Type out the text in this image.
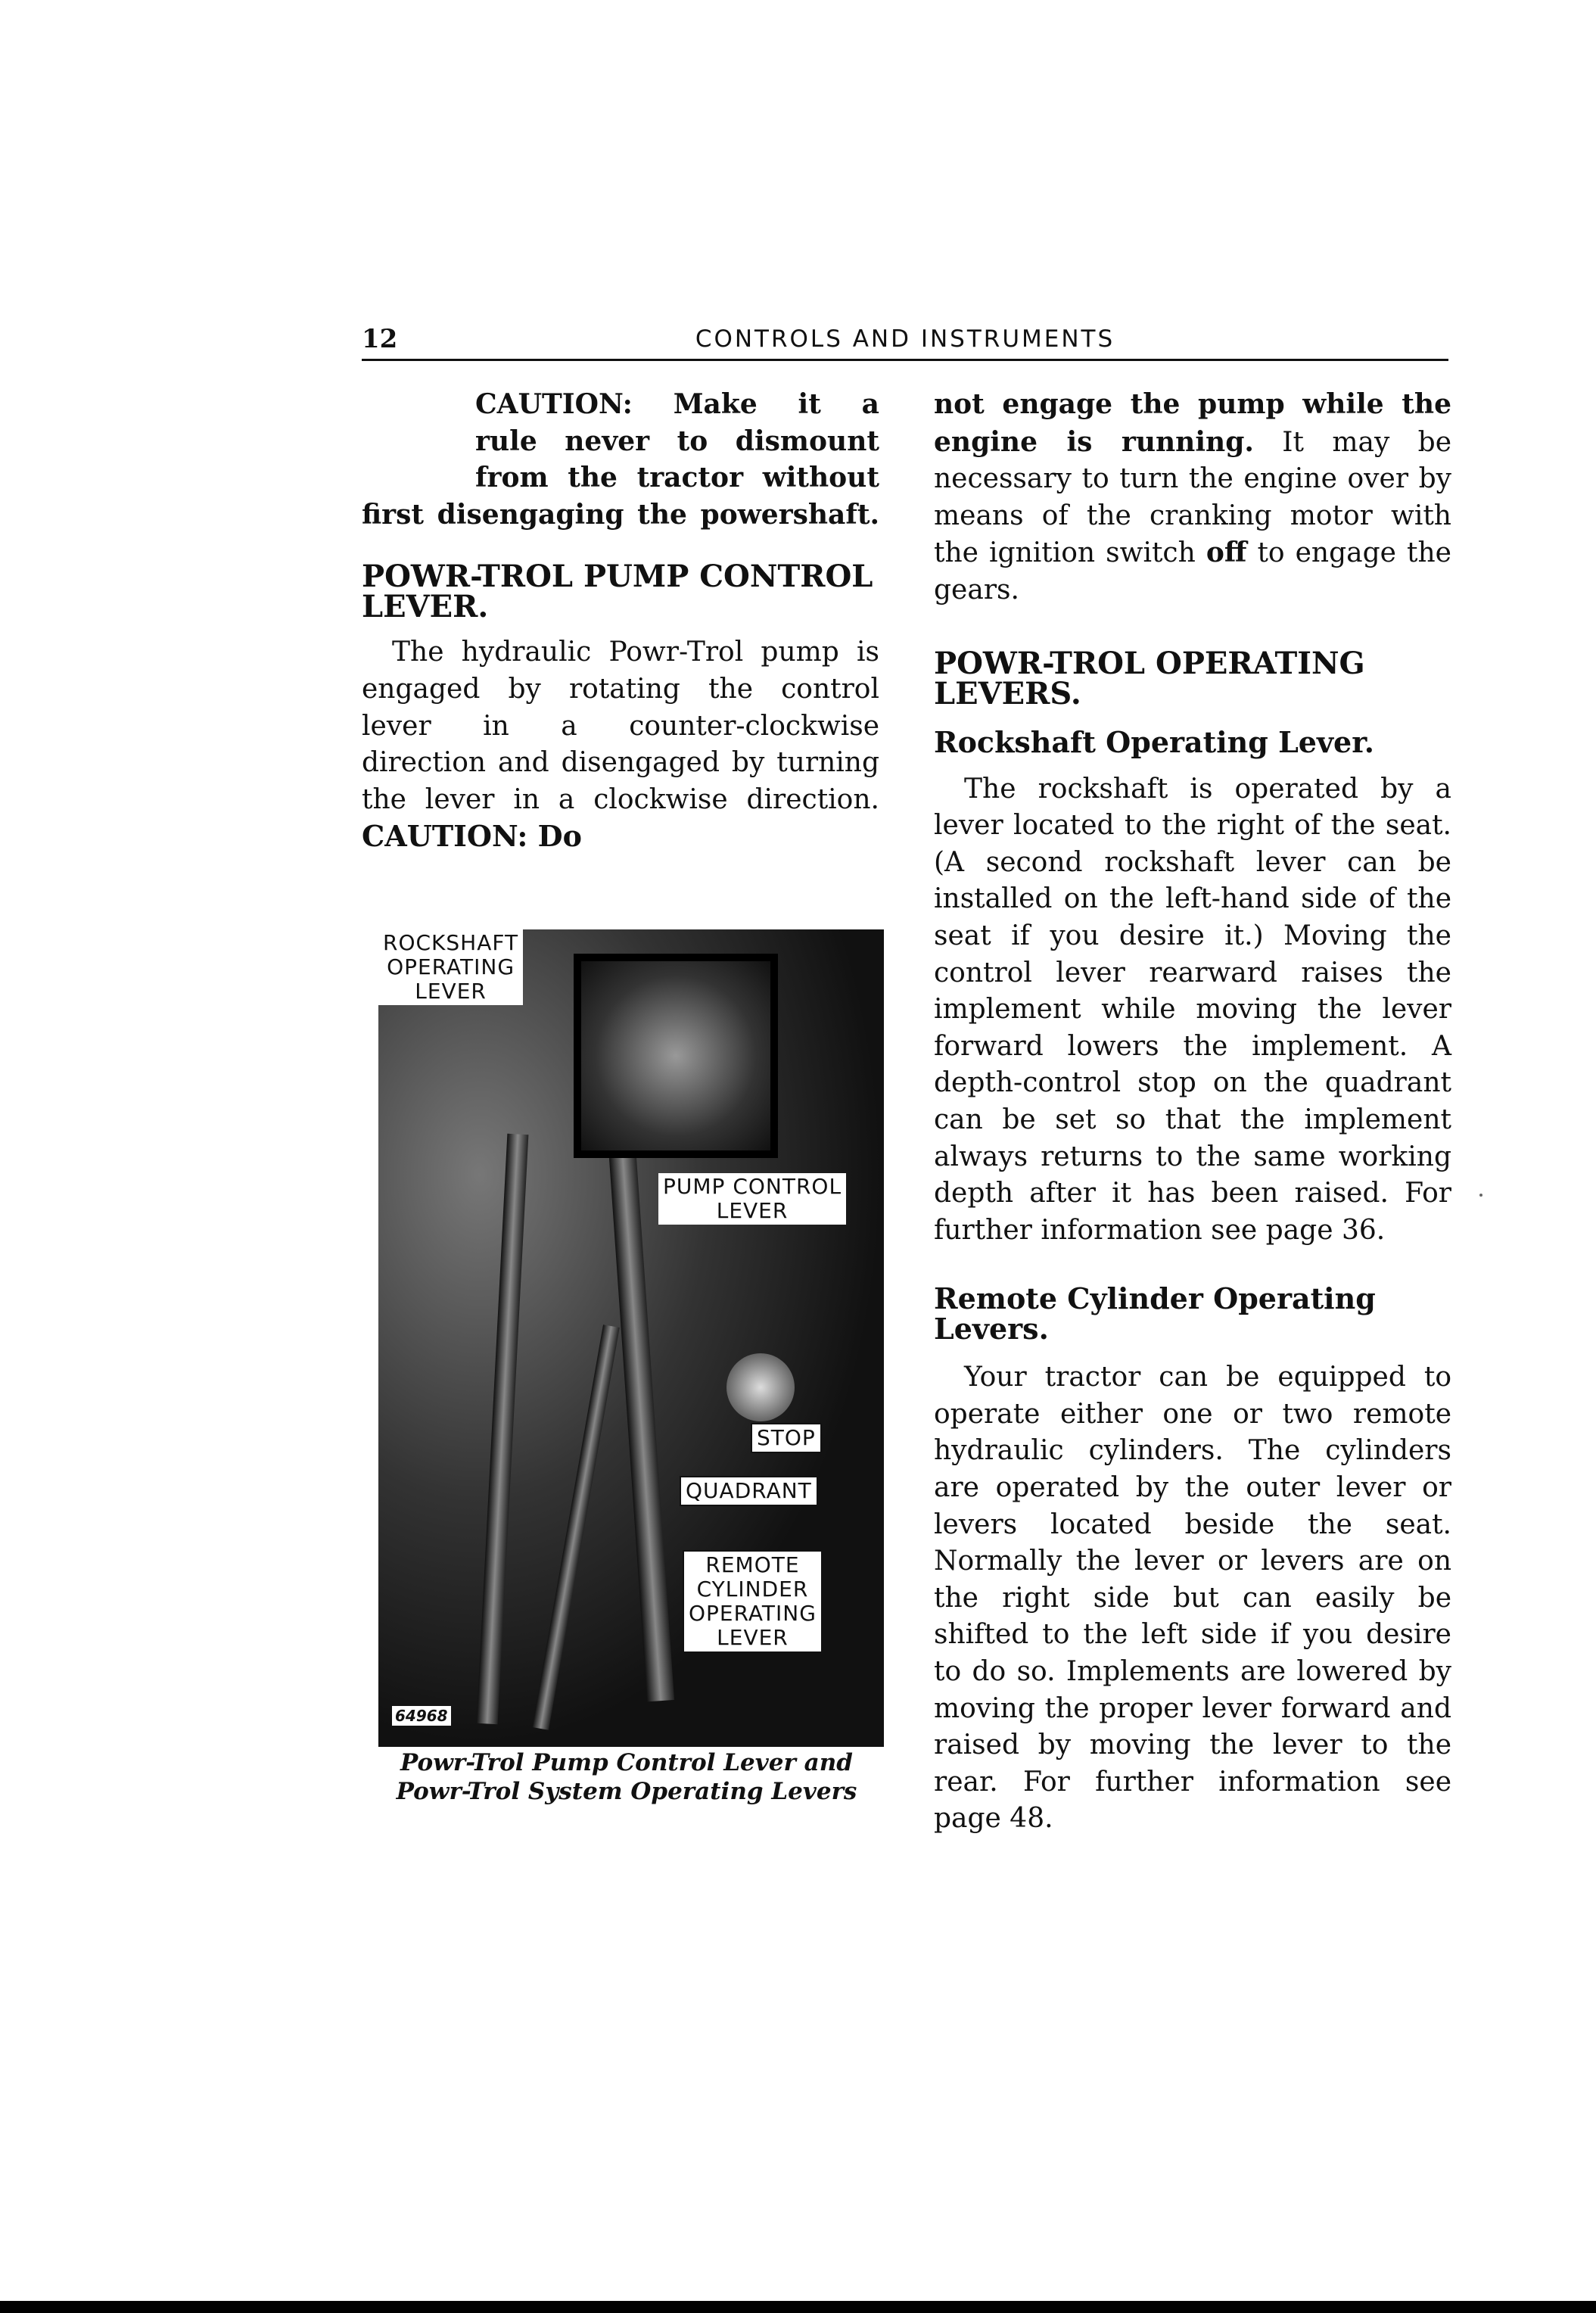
12	CONTROLS AND INSTRUMENTS

CAUTION: Make it a
rule never to dismount
from the tractor without
first disengaging the powershaft.

POWR-TROL PUMP CONTROL LEVER.

The hydraulic Powr-Trol pump is engaged by rotating the control lever in a counter-clockwise direction and disengaged by turning the lever in a clockwise direction. CAUTION: Do

ROCKSHAFT
OPERATING
LEVER
PUMP CONTROL
LEVER
STOP
QUADRANT
REMOTE
CYLINDER
OPERATING
LEVER
64968
Powr-Trol Pump Control Lever and
Powr-Trol System Operating Levers

not engage the pump while the engine is running. It may be necessary to turn the engine over by means of the cranking motor with the ignition switch off to engage the gears.

POWR-TROL OPERATING LEVERS.
Rockshaft Operating Lever.

The rockshaft is operated by a lever located to the right of the seat. (A second rockshaft lever can be installed on the left-hand side of the seat if you desire it.) Moving the control lever rearward raises the implement while moving the lever forward lowers the implement. A depth-control stop on the quadrant can be set so that the implement always returns to the same working depth after it has been raised. For further information see page 36.

Remote Cylinder Operating Levers.

Your tractor can be equipped to operate either one or two remote hydraulic cylinders. The cylinders are operated by the outer lever or levers located beside the seat. Normally the lever or levers are on the right side but can easily be shifted to the left side if you desire to do so. Implements are lowered by moving the proper lever forward and raised by moving the lever to the rear. For further information see page 48.
